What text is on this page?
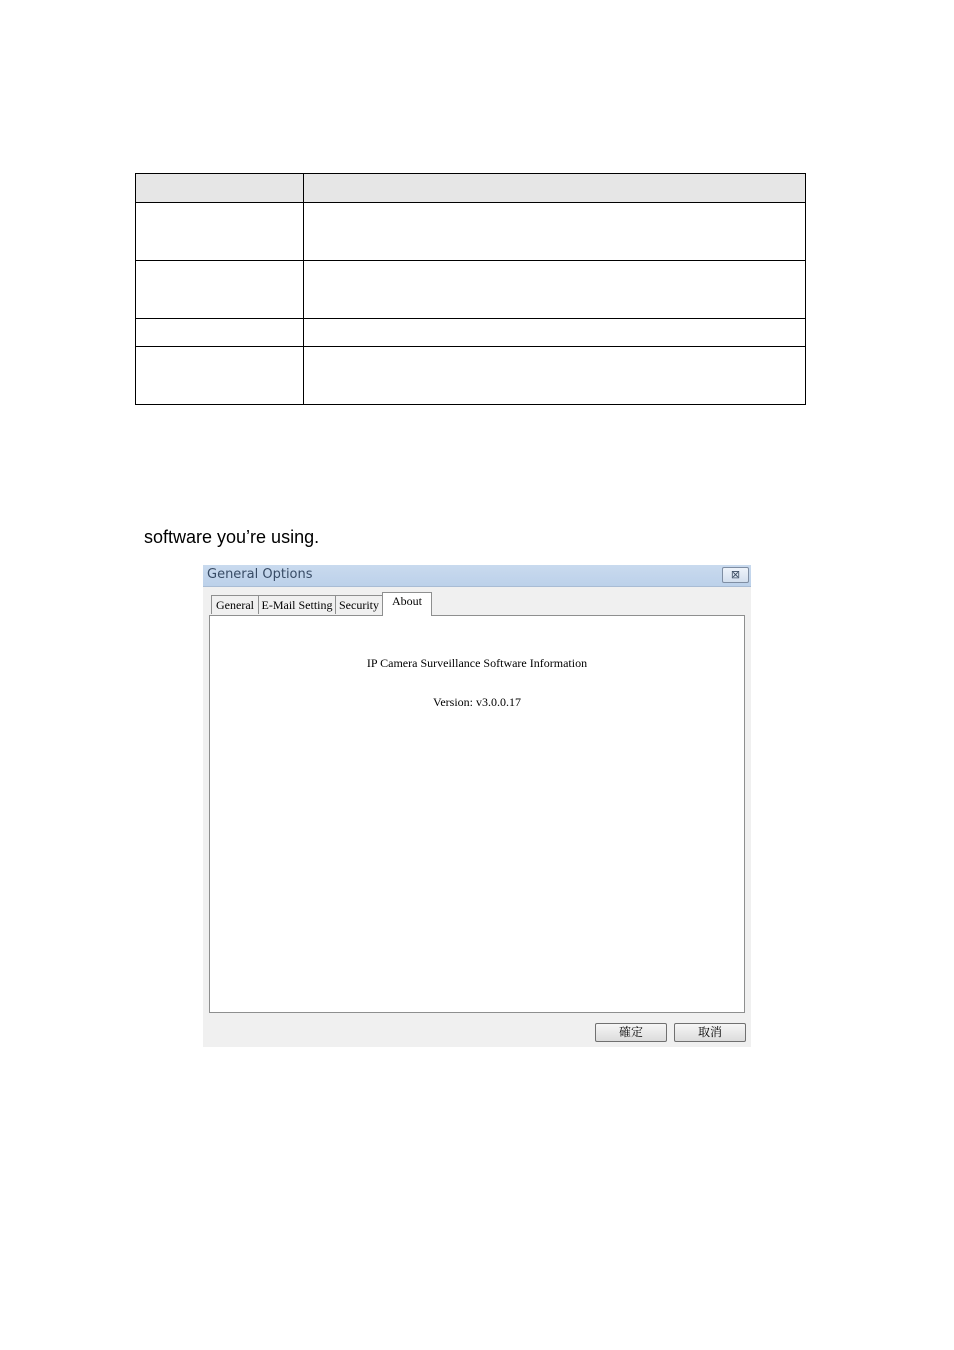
software you’re using.
General Options	⊠
General E-Mail Setting Security	About
IP Camera Surveillance Software Information
Version: v3.0.0.17
確定	取消
